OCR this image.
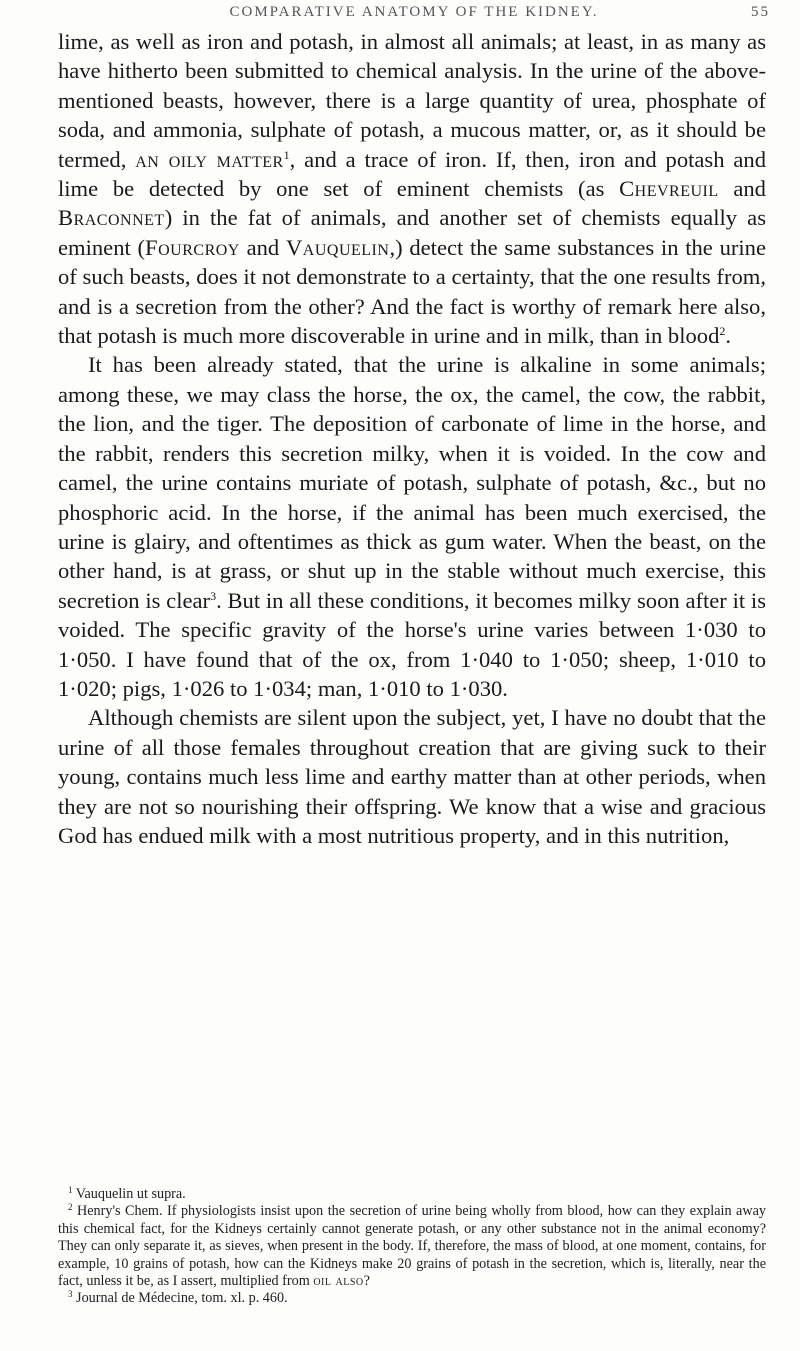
COMPARATIVE ANATOMY OF THE KIDNEY.	55

lime, as well as iron and potash, in almost all animals; at least, in as many as have hitherto been submitted to chemical analysis. In the urine of the above-mentioned beasts, however, there is a large quantity of urea, phosphate of soda, and ammonia, sulphate of potash, a mucous matter, or, as it should be termed, an oily matter$^1$, and a trace of iron. If, then, iron and potash and lime be detected by one set of eminent chemists (as Chevreuil and Braconnet) in the fat of animals, and another set of chemists equally as eminent (Fourcroy and Vauquelin,) detect the same substances in the urine of such beasts, does it not demonstrate to a certainty, that the one results from, and is a secretion from the other? And the fact is worthy of remark here also, that potash is much more discoverable in urine and in milk, than in blood$^2$.

It has been already stated, that the urine is alkaline in some animals; among these, we may class the horse, the ox, the camel, the cow, the rabbit, the lion, and the tiger. The deposition of carbonate of lime in the horse, and the rabbit, renders this secretion milky, when it is voided. In the cow and camel, the urine contains muriate of potash, sulphate of potash, &c., but no phosphoric acid. In the horse, if the animal has been much exercised, the urine is glairy, and oftentimes as thick as gum water. When the beast, on the other hand, is at grass, or shut up in the stable without much exercise, this secretion is clear$^3$. But in all these conditions, it becomes milky soon after it is voided. The specific gravity of the horse's urine varies between 1·030 to 1·050. I have found that of the ox, from 1·040 to 1·050; sheep, 1·010 to 1·020; pigs, 1·026 to 1·034; man, 1·010 to 1·030.

Although chemists are silent upon the subject, yet, I have no doubt that the urine of all those females throughout creation that are giving suck to their young, contains much less lime and earthy matter than at other periods, when they are not so nourishing their offspring. We know that a wise and gracious God has endued milk with a most nutritious property, and in this nutrition,

$^1$ Vauquelin ut supra.

$^2$ Henry's Chem. If physiologists insist upon the secretion of urine being wholly from blood, how can they explain away this chemical fact, for the Kidneys certainly cannot generate potash, or any other substance not in the animal economy? They can only separate it, as sieves, when present in the body. If, therefore, the mass of blood, at one moment, contains, for example, 10 grains of potash, how can the Kidneys make 20 grains of potash in the secretion, which is, literally, near the fact, unless it be, as I assert, multiplied from oil also?

$^3$ Journal de Médecine, tom. xl. p. 460.
